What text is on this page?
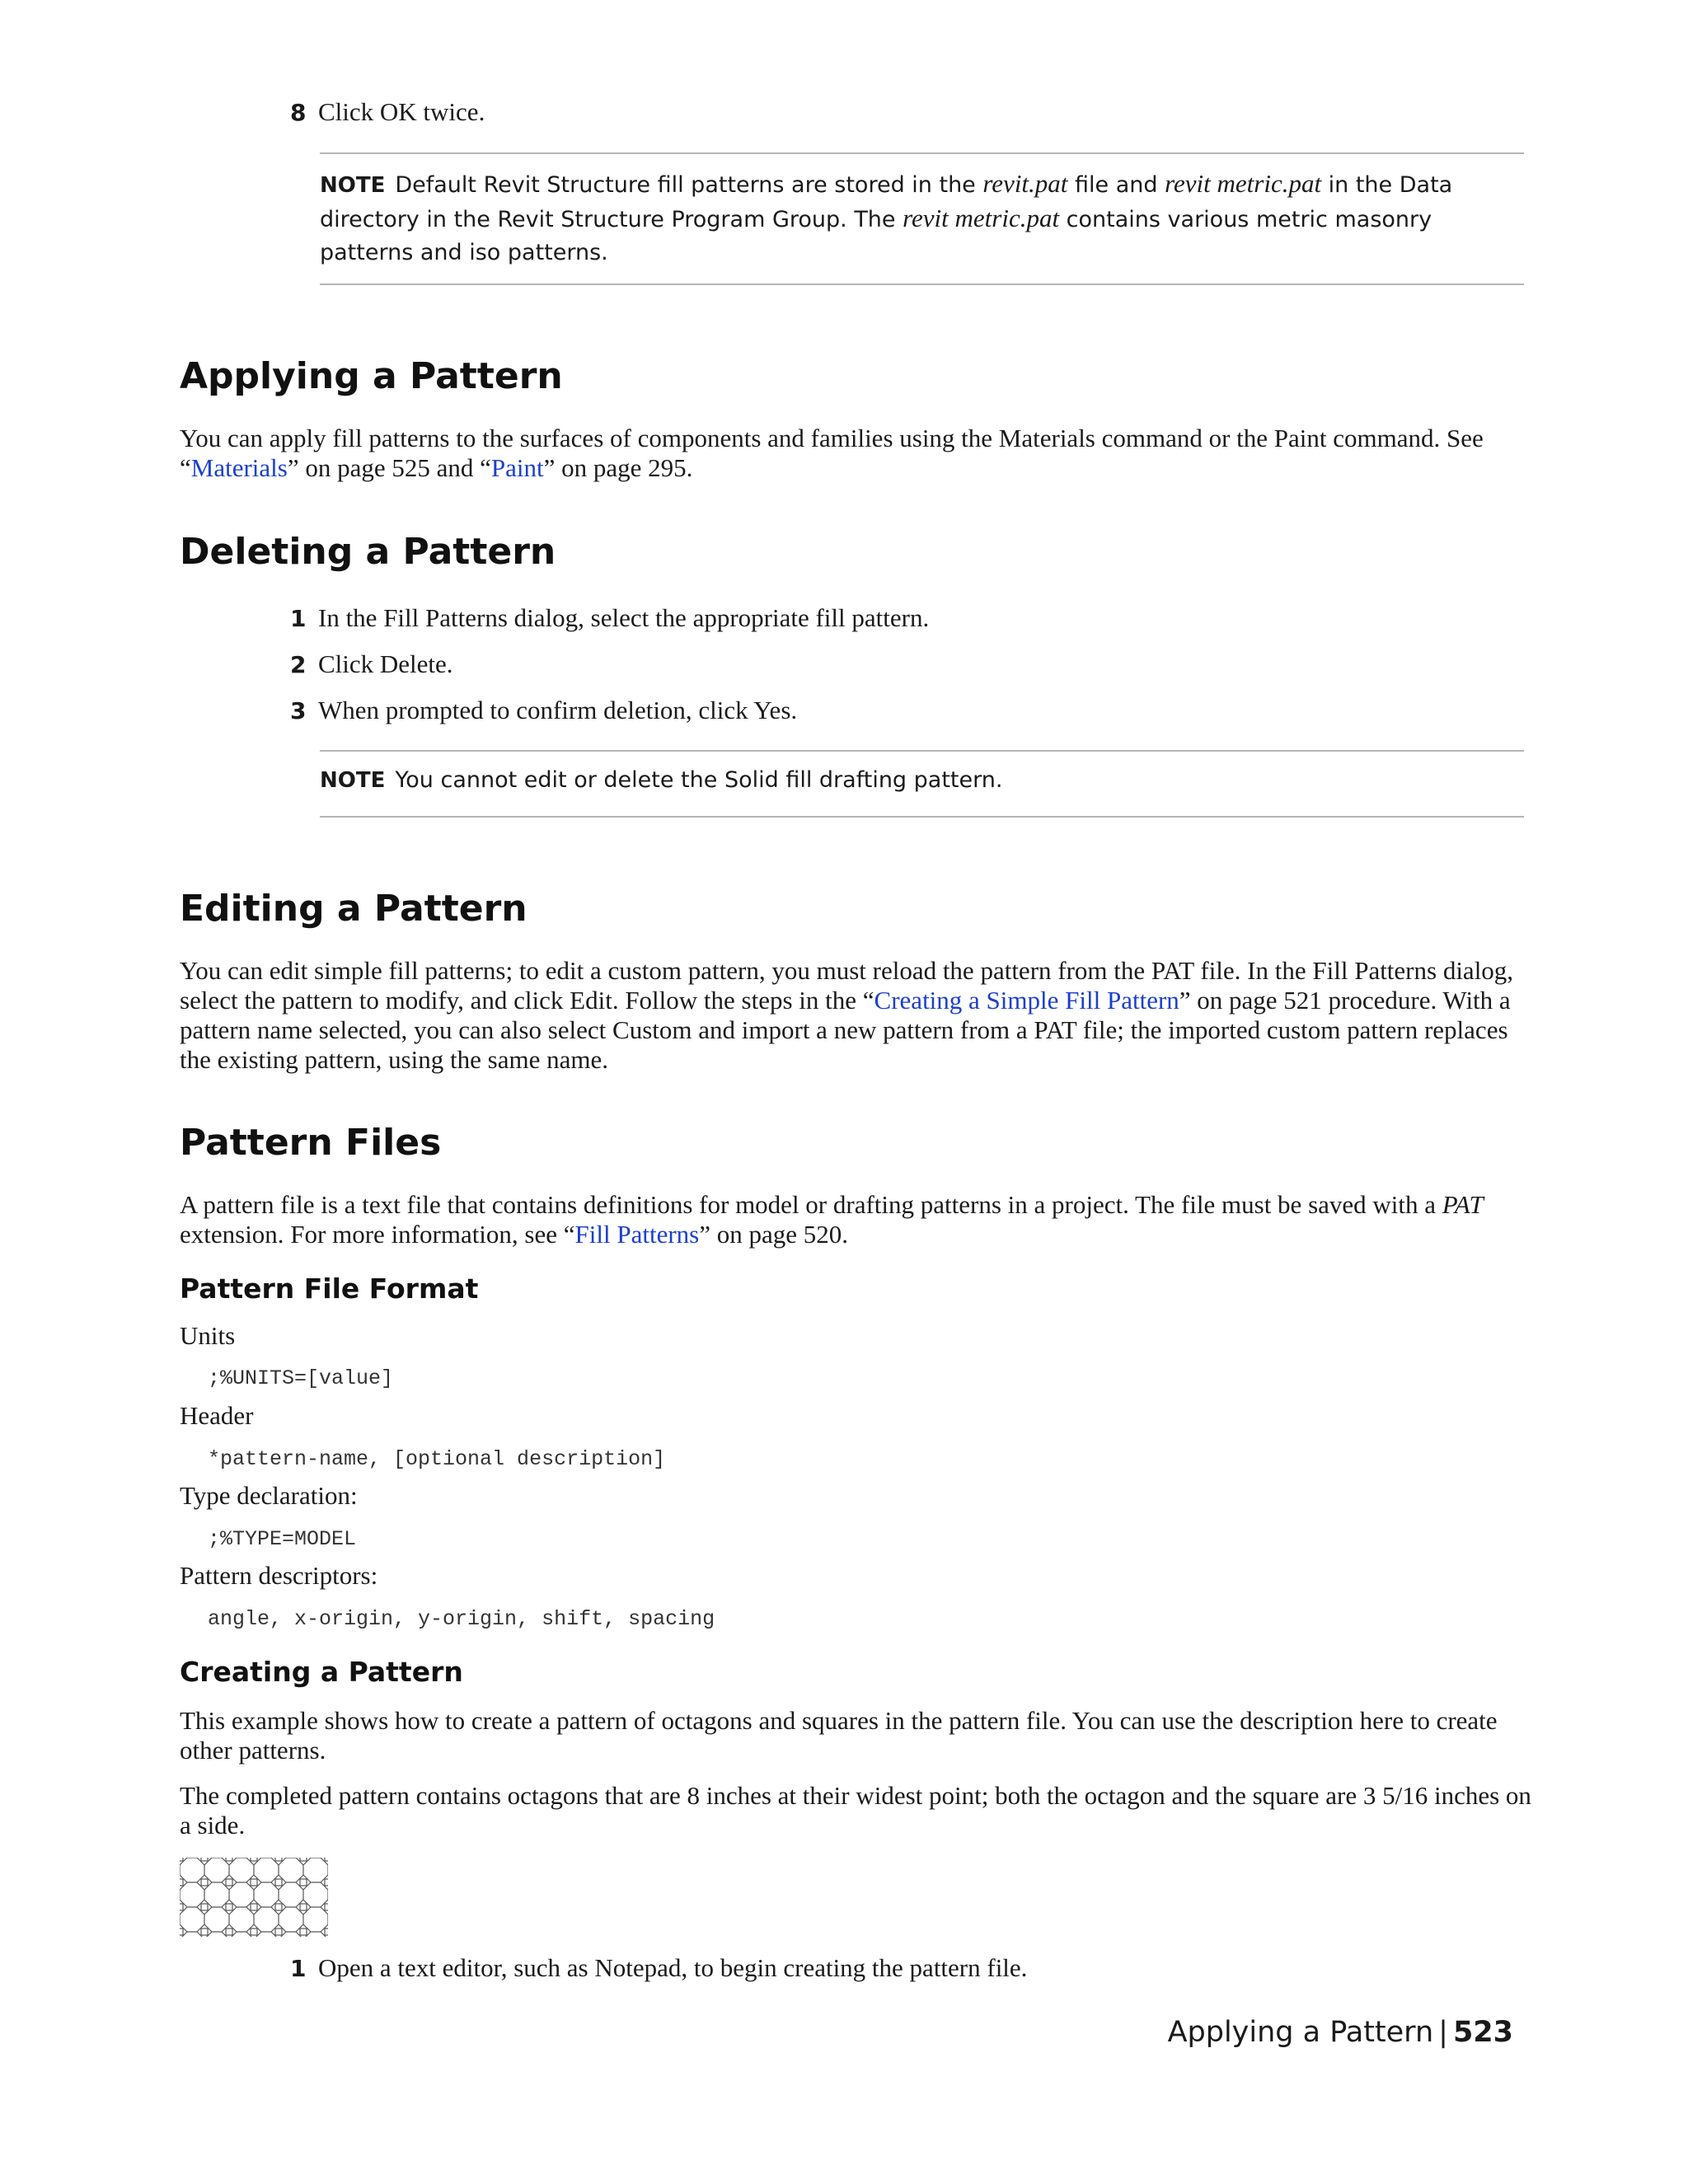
8 Click OK twice.
NOTE Default Revit Structure fill patterns are stored in the revit.pat file and revit metric.pat in the Data directory in the Revit Structure Program Group. The revit metric.pat contains various metric masonry patterns and iso patterns.
Applying a Pattern
You can apply fill patterns to the surfaces of components and families using the Materials command or the Paint command. See “Materials” on page 525 and “Paint” on page 295.
Deleting a Pattern
1 In the Fill Patterns dialog, select the appropriate fill pattern.
2 Click Delete.
3 When prompted to confirm deletion, click Yes.
NOTE You cannot edit or delete the Solid fill drafting pattern.
Editing a Pattern
You can edit simple fill patterns; to edit a custom pattern, you must reload the pattern from the PAT file. In the Fill Patterns dialog, select the pattern to modify, and click Edit. Follow the steps in the “Creating a Simple Fill Pattern” on page 521 procedure. With a pattern name selected, you can also select Custom and import a new pattern from a PAT file; the imported custom pattern replaces the existing pattern, using the same name.
Pattern Files
A pattern file is a text file that contains definitions for model or drafting patterns in a project. The file must be saved with a PAT extension. For more information, see “Fill Patterns” on page 520.
Pattern File Format
Units
;%UNITS=[value]
Header
*pattern-name, [optional description]
Type declaration:
;%TYPE=MODEL
Pattern descriptors:
angle, x-origin, y-origin, shift, spacing
Creating a Pattern
This example shows how to create a pattern of octagons and squares in the pattern file. You can use the description here to create other patterns.
The completed pattern contains octagons that are 8 inches at their widest point; both the octagon and the square are 3 5/16 inches on a side.
1 Open a text editor, such as Notepad, to begin creating the pattern file.
Applying a Pattern | 523
